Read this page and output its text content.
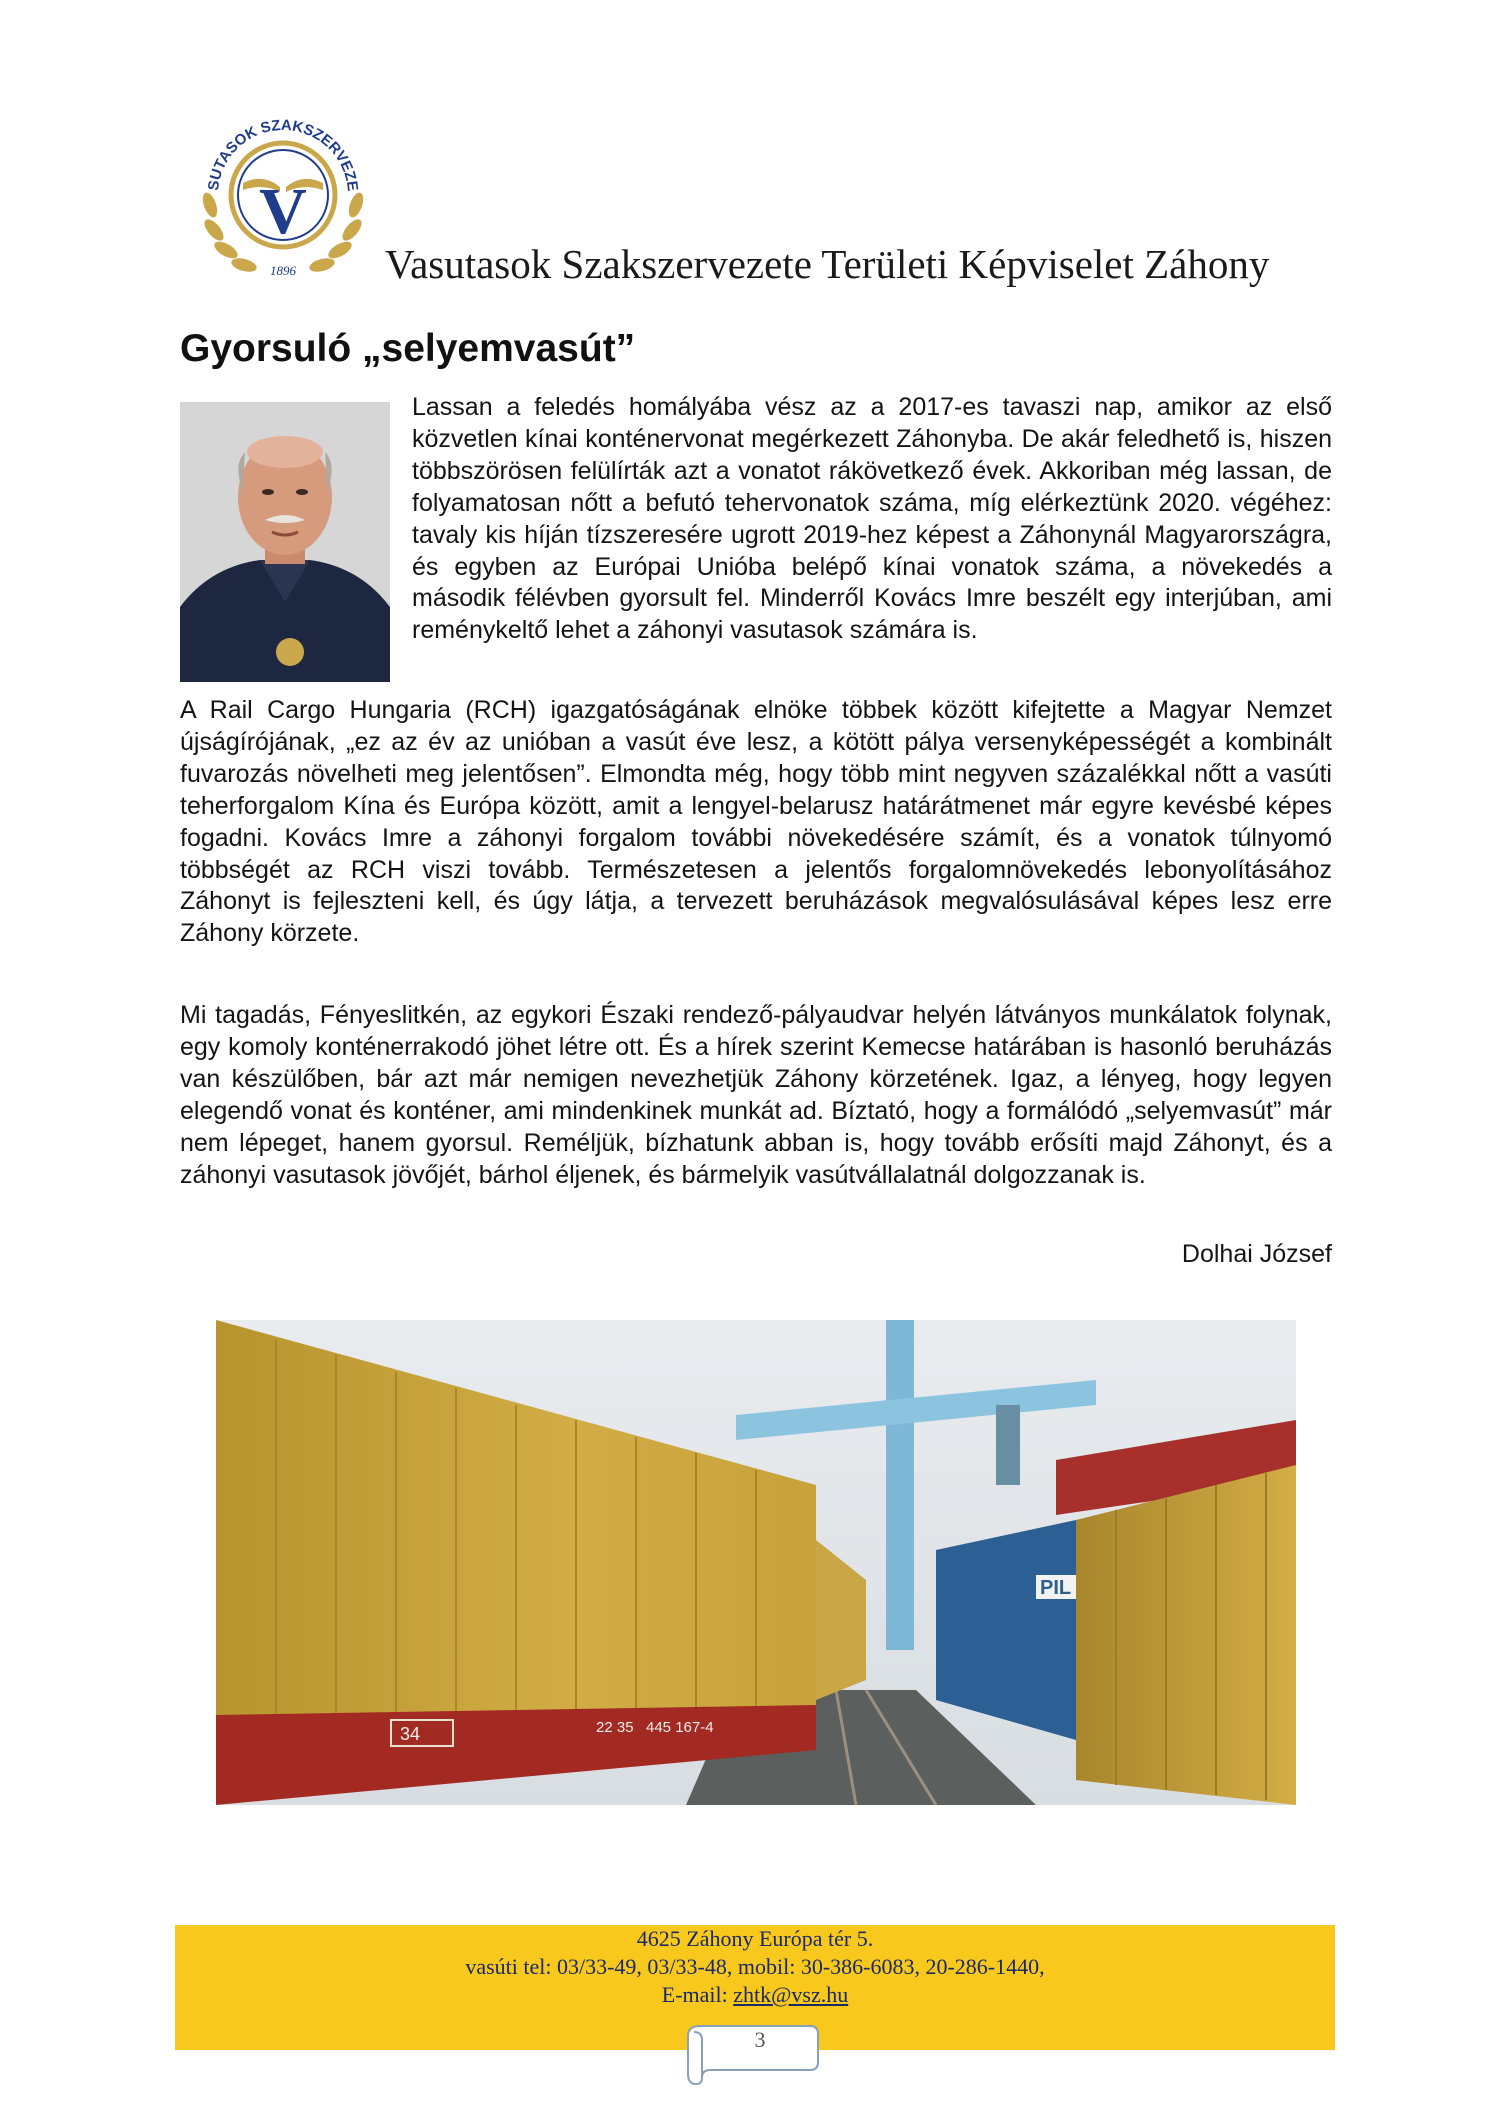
SUTASOK SZAKSZERVEZE
V
1896 Vasutasok Szakszervezete Területi Képviselet Záhony
Gyorsuló „selyemvasút”

Lassan a feledés homályába vész az a 2017-es tavaszi nap, amikor az első közvetlen kínai konténervonat megérkezett Záhonyba. De akár feledhető is, hiszen többszörösen felülírták azt a vonatot rákövetkező évek. Akkoriban még lassan, de folyamatosan nőtt a befutó tehervonatok száma, míg elérkeztünk 2020. végéhez: tavaly kis híján tízszeresére ugrott 2019-hez képest a Záhonynál Magyarországra, és egyben az Európai Unióba belépő kínai vonatok száma, a növekedés a második félévben gyorsult fel. Minderről Kovács Imre beszélt egy interjúban, ami reménykeltő lehet a záhonyi vasutasok számára is.

A Rail Cargo Hungaria (RCH) igazgatóságának elnöke többek között kifejtette a Magyar Nemzet újságírójának, „ez az év az unióban a vasút éve lesz, a kötött pálya versenyképességét a kombinált fuvarozás növelheti meg jelentősen”. Elmondta még, hogy több mint negyven százalékkal nőtt a vasúti teherforgalom Kína és Európa között, amit a lengyel-belarusz határátmenet már egyre kevésbé képes fogadni. Kovács Imre a záhonyi forgalom további növekedésére számít, és a vonatok túlnyomó többségét az RCH viszi tovább. Természetesen a jelentős forgalomnövekedés lebonyolításához Záhonyt is fejleszteni kell, és úgy látja, a tervezett beruházások megvalósulásával képes lesz erre Záhony körzete.

Mi tagadás, Fényeslitkén, az egykori Északi rendező-pályaudvar helyén látványos munkálatok folynak, egy komoly konténerrakodó jöhet létre ott. És a hírek szerint Kemecse határában is hasonló beruházás van készülőben, bár azt már nemigen nevezhetjük Záhony körzetének. Igaz, a lényeg, hogy legyen elegendő vonat és konténer, ami mindenkinek munkát ad. Bíztató, hogy a formálódó „selyemvasút” már nem lépeget, hanem gyorsul. Reméljük, bízhatunk abban is, hogy tovább erősíti majd Záhonyt, és a záhonyi vasutasok jövőjét, bárhol éljenek, és bármelyik vasútvállalatnál dolgozzanak is.

Dolhai József
34	22 35 445 167-4
PIL
4625 Záhony Európa tér 5.
vasúti tel: 03/33-49, 03/33-48, mobil: 30-386-6083, 20-286-1440,
E-mail: zhtk@vsz.hu
3
